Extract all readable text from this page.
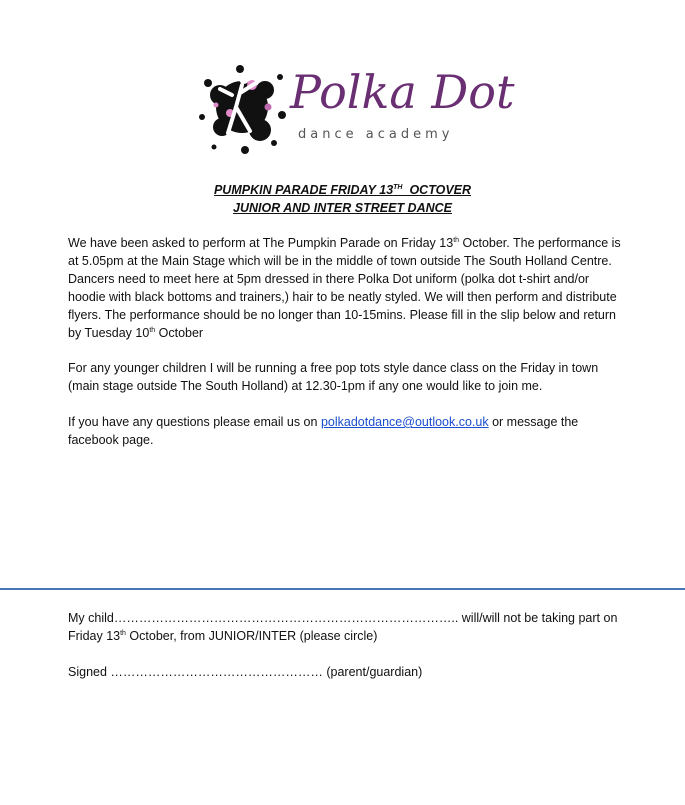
Polka Dot
dance academy
PUMPKIN PARADE FRIDAY 13TH  OCTOVER
JUNIOR AND INTER STREET DANCE

We have been asked to perform at The Pumpkin Parade on Friday 13th October. The performance is at 5.05pm at the Main Stage which will be in the middle of town outside The South Holland Centre. Dancers need to meet here at 5pm dressed in there Polka Dot uniform (polka dot t-shirt and/or hoodie with black bottoms and trainers,) hair to be neatly styled. We will then perform and distribute flyers. The performance should be no longer than 10-15mins. Please fill in the slip below and return by Tuesday 10th October

For any younger children I will be running a free pop tots style dance class on the Friday in town (main stage outside The South Holland) at 12.30-1pm if any one would like to join me.

If you have any questions please email us on polkadotdance@outlook.co.uk or message the facebook page.

My child……………………………………………………………………….. will/will not be taking part on Friday 13th October, from JUNIOR/INTER (please circle)

Signed …………………………………………… (parent/guardian)
